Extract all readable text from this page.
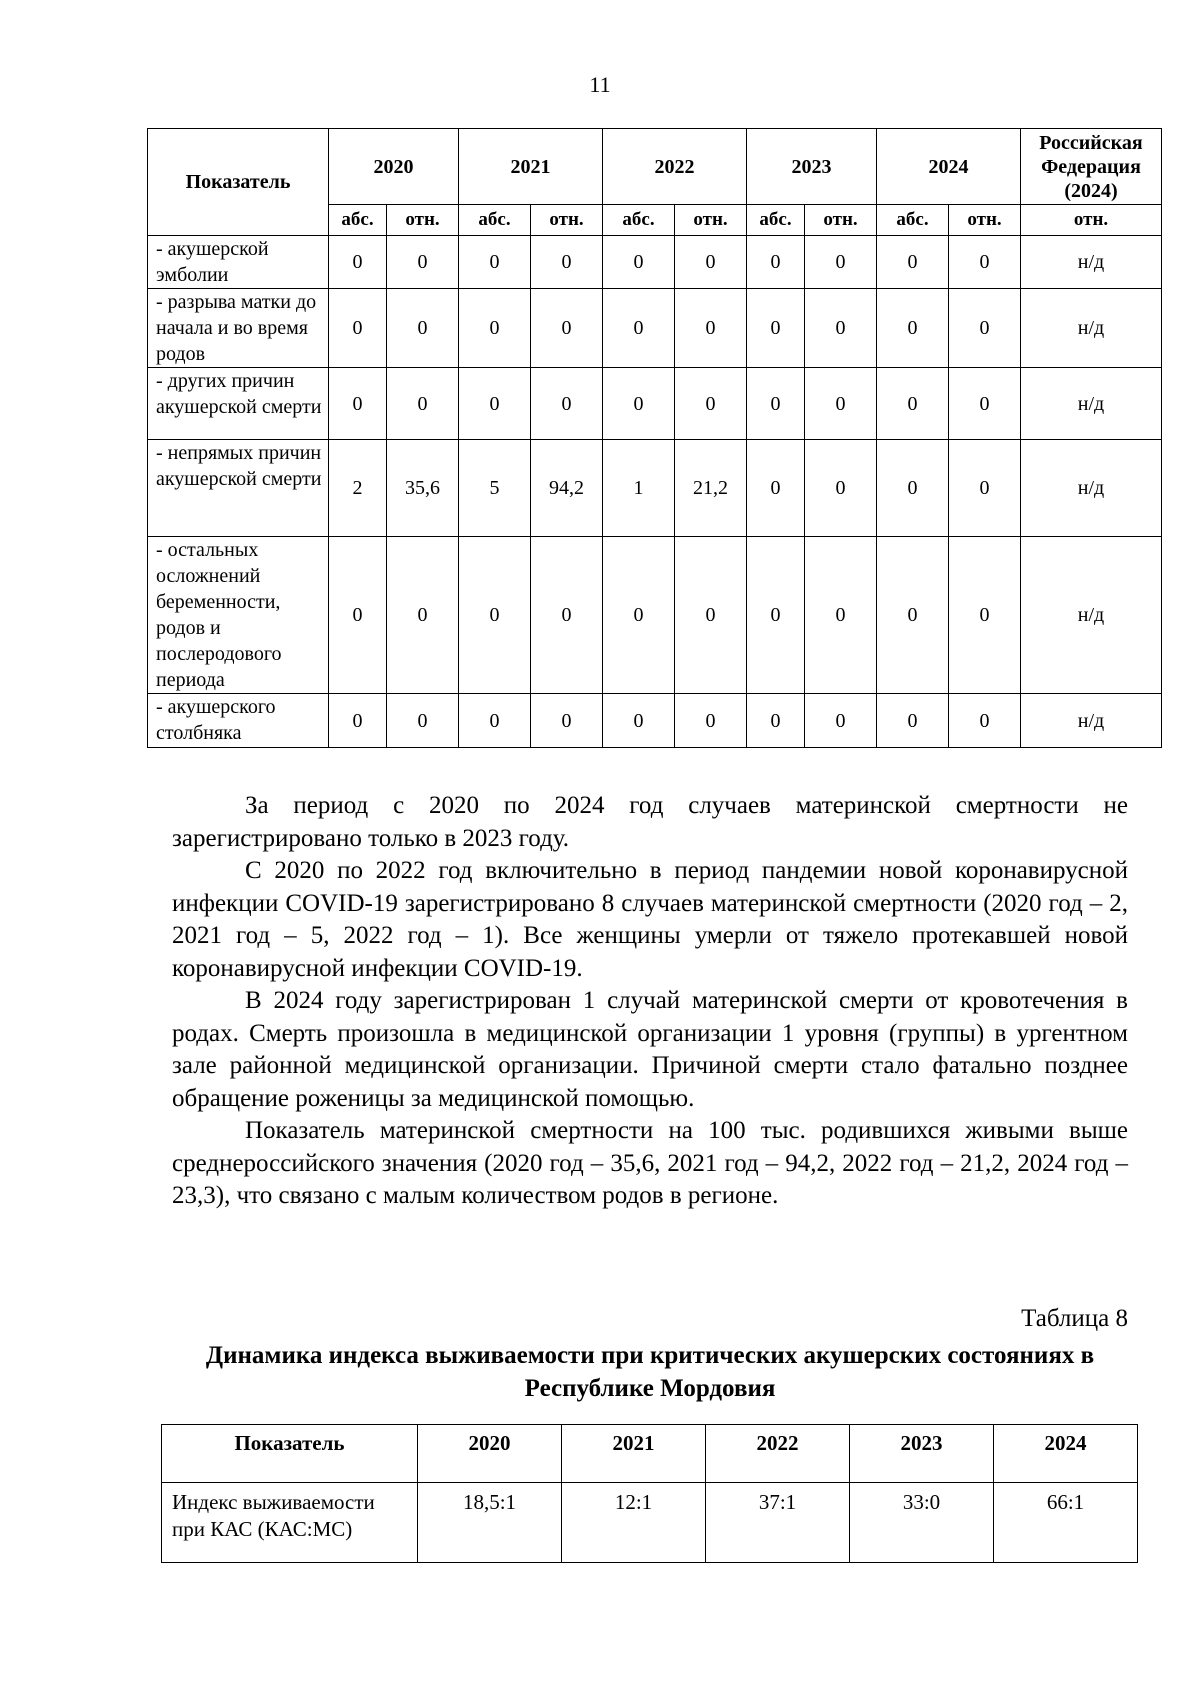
11
Показатель	2020		2021		2022		2023		2024		Российская Федерация (2024)
	абс.	отн.	абс.	отн.	абс.	отн.	абс.	отн.	абс.	отн.	отн.
- акушерской эмболии	0	0	0	0	0	0	0	0	0	0	н/д
- разрыва матки до начала и во время родов	0	0	0	0	0	0	0	0	0	0	н/д
- других причин акушерской смерти	0	0	0	0	0	0	0	0	0	0	н/д
- непрямых причин акушерской смерти	2	35,6	5	94,2	1	21,2	0	0	0	0	н/д
- остальных осложнений беременности, родов и послеродового периода	0	0	0	0	0	0	0	0	0	0	н/д
- акушерского столбняка	0	0	0	0	0	0	0	0	0	0	н/д

За период с 2020 по 2024 год случаев материнской смертности не зарегистрировано только в 2023 году.

С 2020 по 2022 год включительно в период пандемии новой коронавирусной инфекции COVID-19 зарегистрировано 8 случаев материнской смертности (2020 год – 2, 2021 год – 5, 2022 год – 1). Все женщины умерли от тяжело протекавшей новой коронавирусной инфекции COVID-19.

В 2024 году зарегистрирован 1 случай материнской смерти от кровотечения в родах. Смерть произошла в медицинской организации 1 уровня (группы) в ургентном зале районной медицинской организации. Причиной смерти стало фатально позднее обращение роженицы за медицинской помощью.

Показатель материнской смертности на 100 тыс. родившихся живыми выше среднероссийского значения (2020 год – 35,6, 2021 год – 94,2, 2022 год – 21,2, 2024 год – 23,3), что связано с малым количеством родов в регионе.

Таблица 8
Динамика индекса выживаемости при критических акушерских состояниях в Республике Мордовия
Показатель	2020	2021	2022	2023	2024
Индекс выживаемости при КАС (КАС:МС)	18,5:1	12:1	37:1	33:0	66:1
